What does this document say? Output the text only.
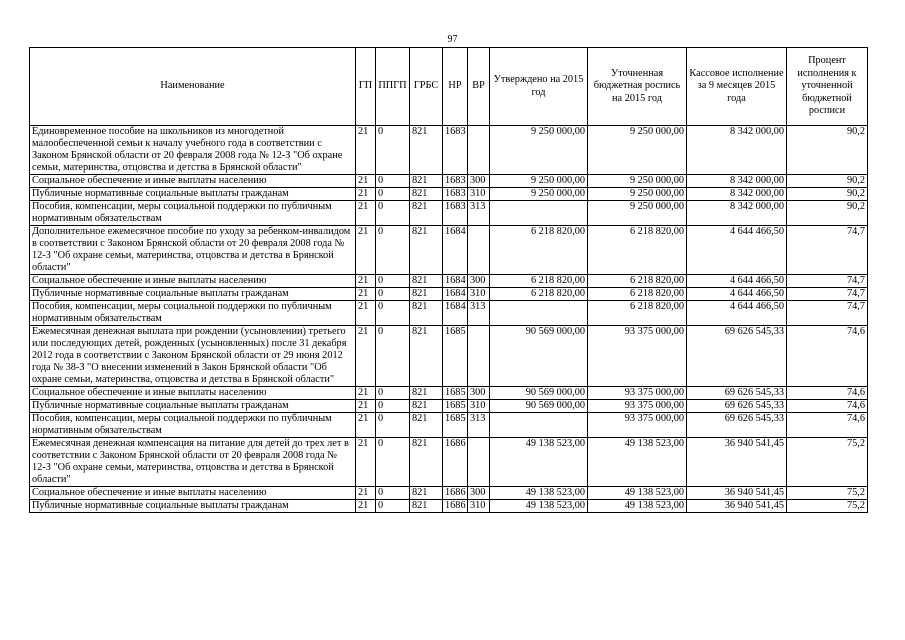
97
Наименование	ГП	ППГП	ГРБС	НР	ВР	Утверждено на 2015 год	Уточненная бюджетная роспись на 2015 год	Кассовое исполнение за 9 месяцев 2015 года	Процент исполнения к уточненной бюджетной росписи
Единовременное пособие на школьников из многодетной малообеспеченной семьи к началу учебного года в соответствии с Законом Брянской области от 20 февраля 2008 года № 12-З "Об охране семьи, материнства, отцовства и детства в Брянской области"	21	0	821	1683		9 250 000,00	9 250 000,00	8 342 000,00	90,2
Социальное обеспечение и иные выплаты населению	21	0	821	1683	300	9 250 000,00	9 250 000,00	8 342 000,00	90,2
Публичные нормативные социальные выплаты гражданам	21	0	821	1683	310	9 250 000,00	9 250 000,00	8 342 000,00	90,2
Пособия, компенсации, меры социальной поддержки по публичным нормативным обязательствам	21	0	821	1683	313		9 250 000,00	8 342 000,00	90,2
Дополнительное ежемесячное пособие по уходу за ребенком-инвалидом в соответствии с Законом Брянской области от 20 февраля 2008 года № 12-З "Об охране семьи, материнства, отцовства и детства в Брянской области"	21	0	821	1684		6 218 820,00	6 218 820,00	4 644 466,50	74,7
Социальное обеспечение и иные выплаты населению	21	0	821	1684	300	6 218 820,00	6 218 820,00	4 644 466,50	74,7
Публичные нормативные социальные выплаты гражданам	21	0	821	1684	310	6 218 820,00	6 218 820,00	4 644 466,50	74,7
Пособия, компенсации, меры социальной поддержки по публичным нормативным обязательствам	21	0	821	1684	313		6 218 820,00	4 644 466,50	74,7
Ежемесячная денежная выплата при рождении (усыновлении) третьего или последующих детей, рожденных (усыновленных) после 31 декабря 2012 года в соответствии с Законом Брянской области от 29 июня 2012 года № 38-З "О внесении изменений в Закон Брянской области "Об охране семьи, материнства, отцовства и детства в Брянской области"	21	0	821	1685		90 569 000,00	93 375 000,00	69 626 545,33	74,6
Социальное обеспечение и иные выплаты населению	21	0	821	1685	300	90 569 000,00	93 375 000,00	69 626 545,33	74,6
Публичные нормативные социальные выплаты гражданам	21	0	821	1685	310	90 569 000,00	93 375 000,00	69 626 545,33	74,6
Пособия, компенсации, меры социальной поддержки по публичным нормативным обязательствам	21	0	821	1685	313		93 375 000,00	69 626 545,33	74,6
Ежемесячная денежная компенсация на питание для детей до трех лет в соответствии с Законом Брянской области от 20 февраля 2008 года № 12-З "Об охране семьи, материнства, отцовства и детства в Брянской области"	21	0	821	1686		49 138 523,00	49 138 523,00	36 940 541,45	75,2
Социальное обеспечение и иные выплаты населению	21	0	821	1686	300	49 138 523,00	49 138 523,00	36 940 541,45	75,2
Публичные нормативные социальные выплаты гражданам	21	0	821	1686	310	49 138 523,00	49 138 523,00	36 940 541,45	75,2
